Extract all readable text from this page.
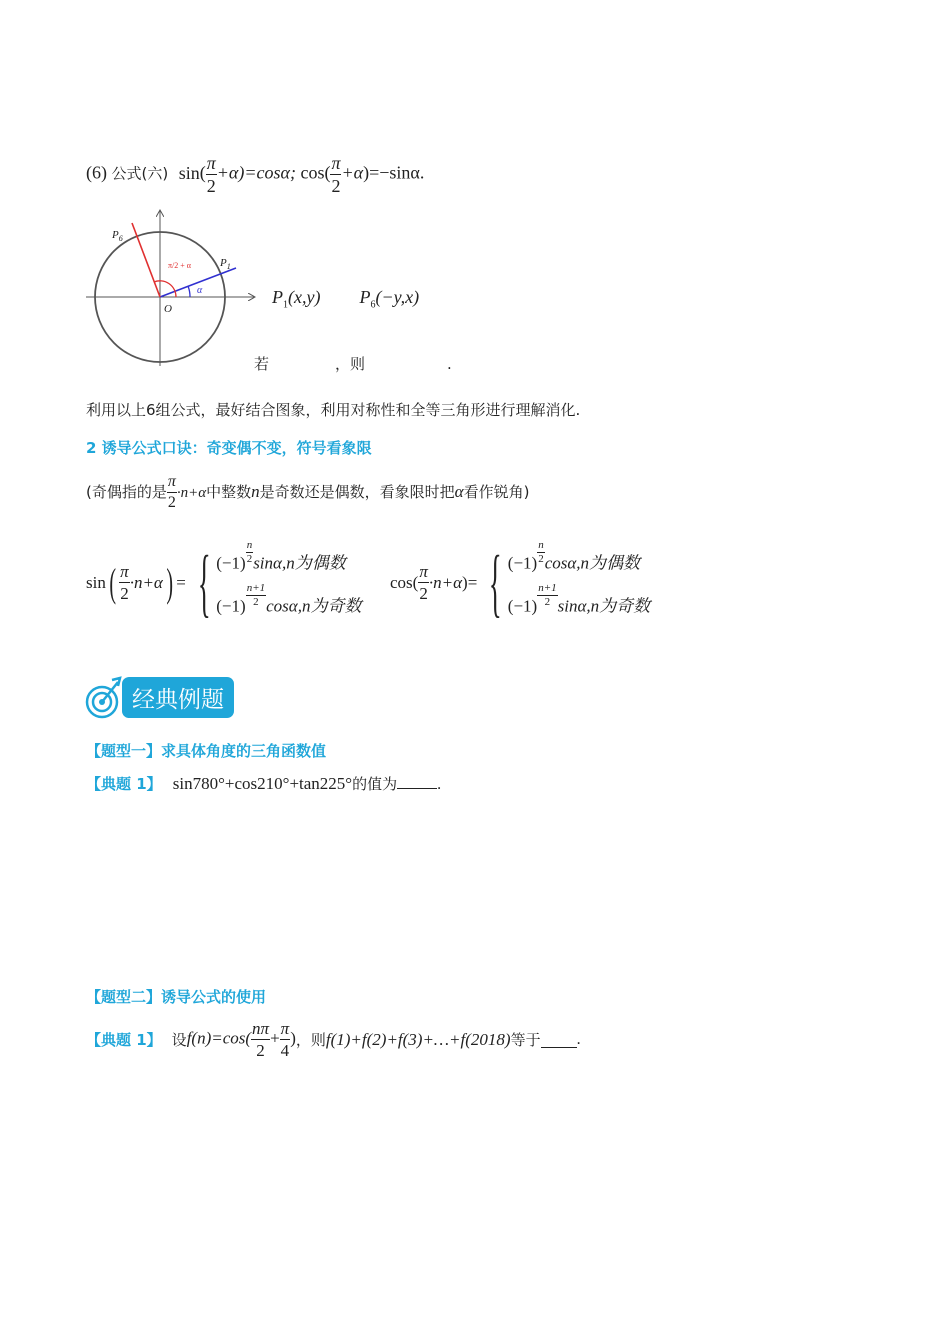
(6) 公式(六) $\sin( \frac{\pi}{2} +\alpha)=\cos\alpha$; $\cos( \frac{\pi}{2} +\alpha)=-\sin\alpha$.
$P_6$
$P_1$
O
α
π/2 + α
$P_1(x,y)$ $P_6(-y,x)$
若	，则	.
利用以上6组公式，最好结合图象，利用对称性和全等三角形进行理解消化.
2 诱导公式口诀：奇变偶不变，符号看象限
(奇偶指的是 $\frac{\pi}{2} \cdot n+\alpha$中整数n是奇数还是偶数，看象限时把α看作锐角)
sin ( $\frac{\pi}{2} \cdot n+\alpha$ ) = { $(-1) \frac{n}{2} \sin\alpha,n$为偶数
$(-1) \frac{n+1}{2} \cos\alpha,n$为奇数
cos ( $\frac{\pi}{2} \cdot n+\alpha$ ) = { $(-1) \frac{n}{2} \cos\alpha,n$为偶数
$(-1) \frac{n+1}{2} \sin\alpha,n$为奇数
经典例题
【题型一】求具体角度的三角函数值
【典题 1】 sin780°+cos210°+tan225°的值为	.
【题型二】诱导公式的使用
【典题 1】 设 $f(n)=\cos( \frac{n\pi}{2} + \frac{\pi}{4}$ ) ，则 f(1)+f(2)+f(3)+…+f(2018) 等于 .
